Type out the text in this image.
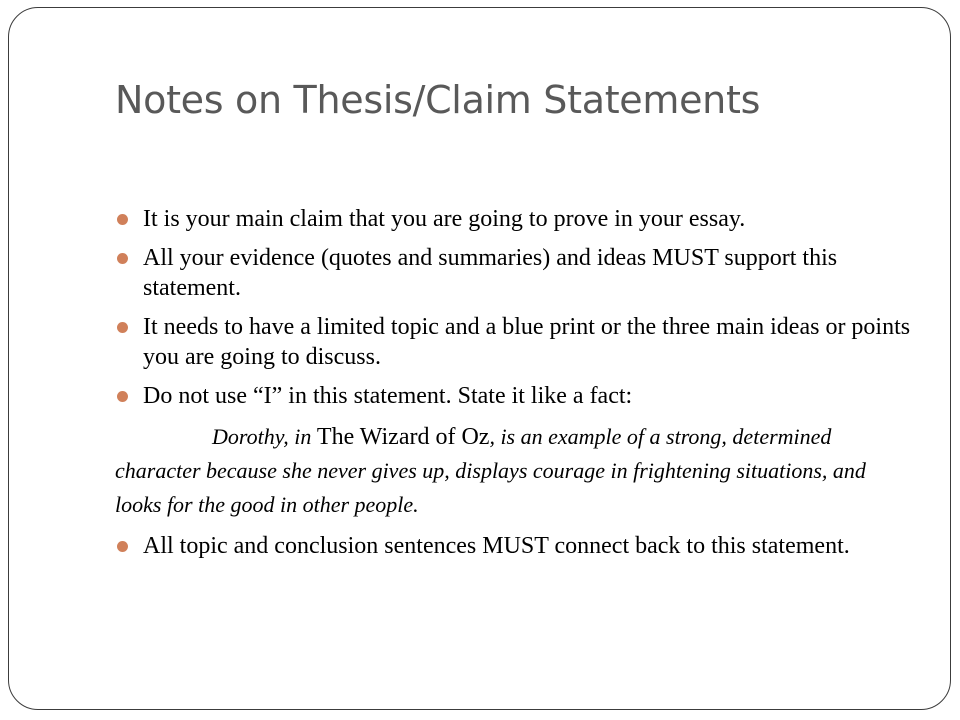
Notes on Thesis/Claim Statements
It is your main claim that you are going to prove in your essay.
All your evidence (quotes and summaries) and ideas MUST support this statement.
It needs to have a limited topic and a blue print or the three main ideas or points you are going to discuss.
Do not use “I” in this statement. State it like a fact:
Dorothy, in The Wizard of Oz, is an example of a strong, determined character because she never gives up, displays courage in frightening situations, and looks for the good in other people.
All topic and conclusion sentences MUST connect back to this statement.
